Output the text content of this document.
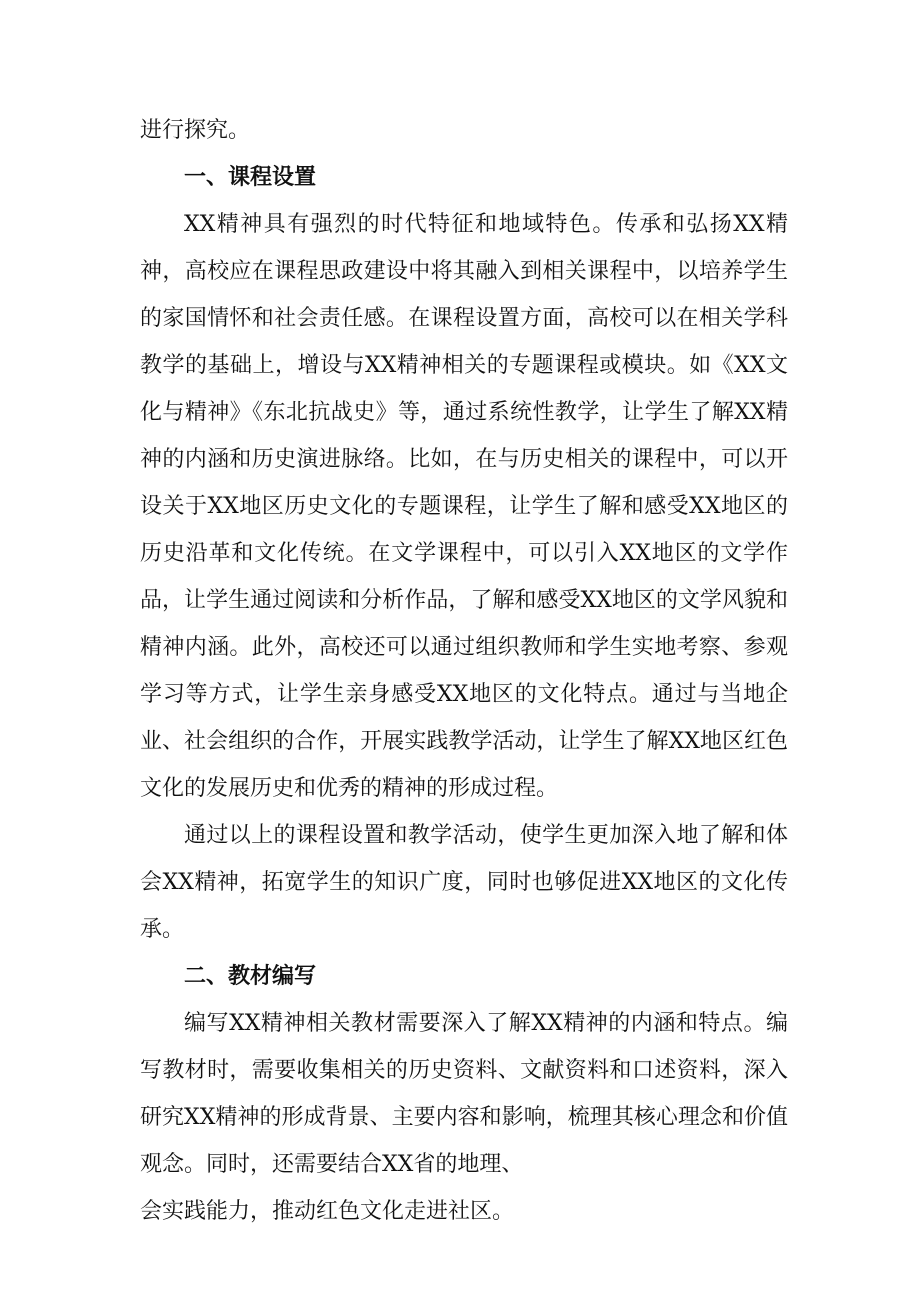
进行探究。

一、课程设置

XX精神具有强烈的时代特征和地域特色。传承和弘扬XX精神，高校应在课程思政建设中将其融入到相关课程中，以培养学生的家国情怀和社会责任感。在课程设置方面，高校可以在相关学科教学的基础上，增设与XX精神相关的专题课程或模块。如《XX文化与精神》《东北抗战史》等，通过系统性教学，让学生了解XX精神的内涵和历史演进脉络。比如，在与历史相关的课程中，可以开设关于XX地区历史文化的专题课程，让学生了解和感受XX地区的历史沿革和文化传统。在文学课程中，可以引入XX地区的文学作品，让学生通过阅读和分析作品，了解和感受XX地区的文学风貌和精神内涵。此外，高校还可以通过组织教师和学生实地考察、参观学习等方式，让学生亲身感受XX地区的文化特点。通过与当地企业、社会组织的合作，开展实践教学活动，让学生了解XX地区红色文化的发展历史和优秀的精神的形成过程。

通过以上的课程设置和教学活动，使学生更加深入地了解和体会XX精神，拓宽学生的知识广度，同时也够促进XX地区的文化传承。

二、教材编写

编写XX精神相关教材需要深入了解XX精神的内涵和特点。编写教材时，需要收集相关的历史资料、文献资料和口述资料，深入研究XX精神的形成背景、主要内容和影响，梳理其核心理念和价值观念。同时，还需要结合XX省的地理、

会实践能力，推动红色文化走进社区。
